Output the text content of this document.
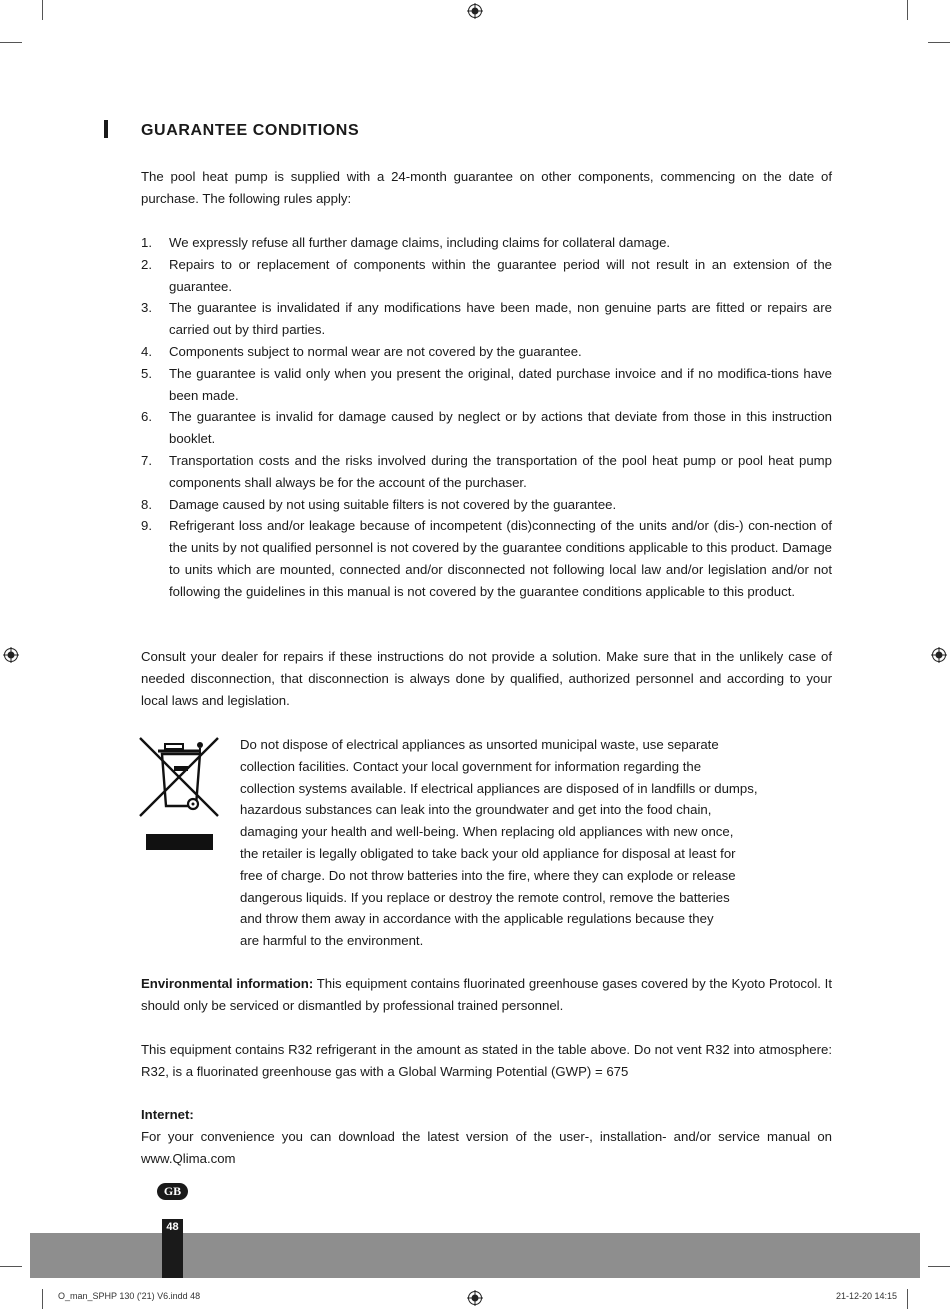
GUARANTEE CONDITIONS
The pool heat pump is supplied with a 24-month guarantee on other components, commencing on the date of purchase. The following rules apply:
1. We expressly refuse all further damage claims, including claims for collateral damage.
2. Repairs to or replacement of components within the guarantee period will not result in an extension of the guarantee.
3. The guarantee is invalidated if any modifications have been made, non genuine parts are fitted or repairs are carried out by third parties.
4. Components subject to normal wear are not covered by the guarantee.
5. The guarantee is valid only when you present the original, dated purchase invoice and if no modifica-tions have been made.
6. The guarantee is invalid for damage caused by neglect or by actions that deviate from those in this instruction booklet.
7. Transportation costs and the risks involved during the transportation of the pool heat pump or pool heat pump components shall always be for the account of the purchaser.
8. Damage caused by not using suitable filters is not covered by the guarantee.
9. Refrigerant loss and/or leakage because of incompetent (dis)connecting of the units and/or (dis-) con-nection of the units by not qualified personnel is not covered by the guarantee conditions applicable to this product. Damage to units which are mounted, connected and/or disconnected not following local law and/or legislation and/or not following the guidelines in this manual is not covered by the guarantee conditions applicable to this product.
Consult your dealer for repairs if these instructions do not provide a solution. Make sure that in the unlikely case of needed disconnection, that disconnection is always done by qualified, authorized personnel and according to your local laws and legislation.
Do not dispose of electrical appliances as unsorted municipal waste, use separate
collection facilities. Contact your local government for information regarding the
collection systems available. If electrical appliances are disposed of in landfills or dumps,
hazardous substances can leak into the groundwater and get into the food chain,
damaging your health and well-being. When replacing old appliances with new once,
the retailer is legally obligated to take back your old appliance for disposal at least for
free of charge. Do not throw batteries into the fire, where they can explode or release
dangerous liquids. If you replace or destroy the remote control, remove the batteries
and throw them away in accordance with the applicable regulations because they
are harmful to the environment.
Environmental information: This equipment contains fluorinated greenhouse gases covered by the Kyoto Protocol. It should only be serviced or dismantled by professional trained personnel.
This equipment contains R32 refrigerant in the amount as stated in the table above. Do not vent R32 into atmosphere: R32, is a fluorinated greenhouse gas with a Global Warming Potential (GWP) = 675
Internet:
For your convenience you can download the latest version of the user-, installation- and/or service manual on www.Qlima.com
GB
48
O_man_SPHP 130 ('21) V6.indd 48	21-12-20 14:15
